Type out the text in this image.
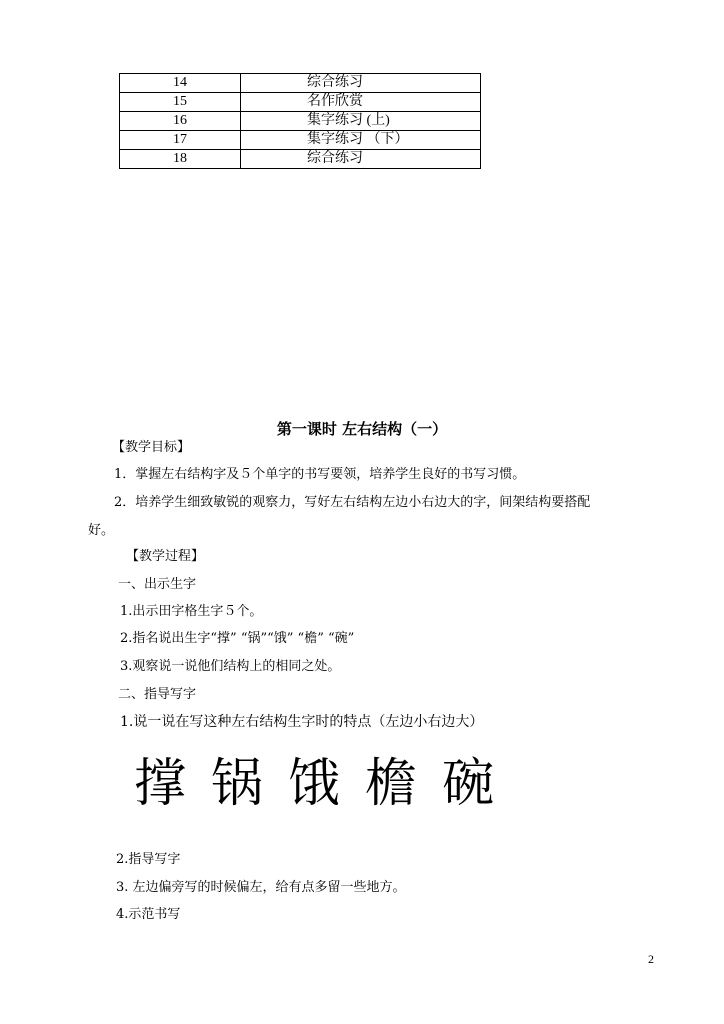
14	综合练习
15	名作欣赏
16	集字练习 (上)
17	集字练习 （下）
18	综合练习
第一课时 左右结构（一）
【教学目标】
1．掌握左右结构字及５个单字的书写要领，培养学生良好的书写习惯。
2．培养学生细致敏锐的观察力，写好左右结构左边小右边大的字，间架结构要搭配
好。
【教学过程】
一、出示生字
1.出示田字格生字５个。
2.指名说出生字“撑” “锅”“饿” “檐” “碗”
3.观察说一说他们结构上的相同之处。
二、指导写字
1.说一说在写这种左右结构生字时的特点（左边小右边大）
撑 锅 饿 檐 碗
2.指导写字
3. 左边偏旁写的时候偏左，给有点多留一些地方。
4.示范书写
2
